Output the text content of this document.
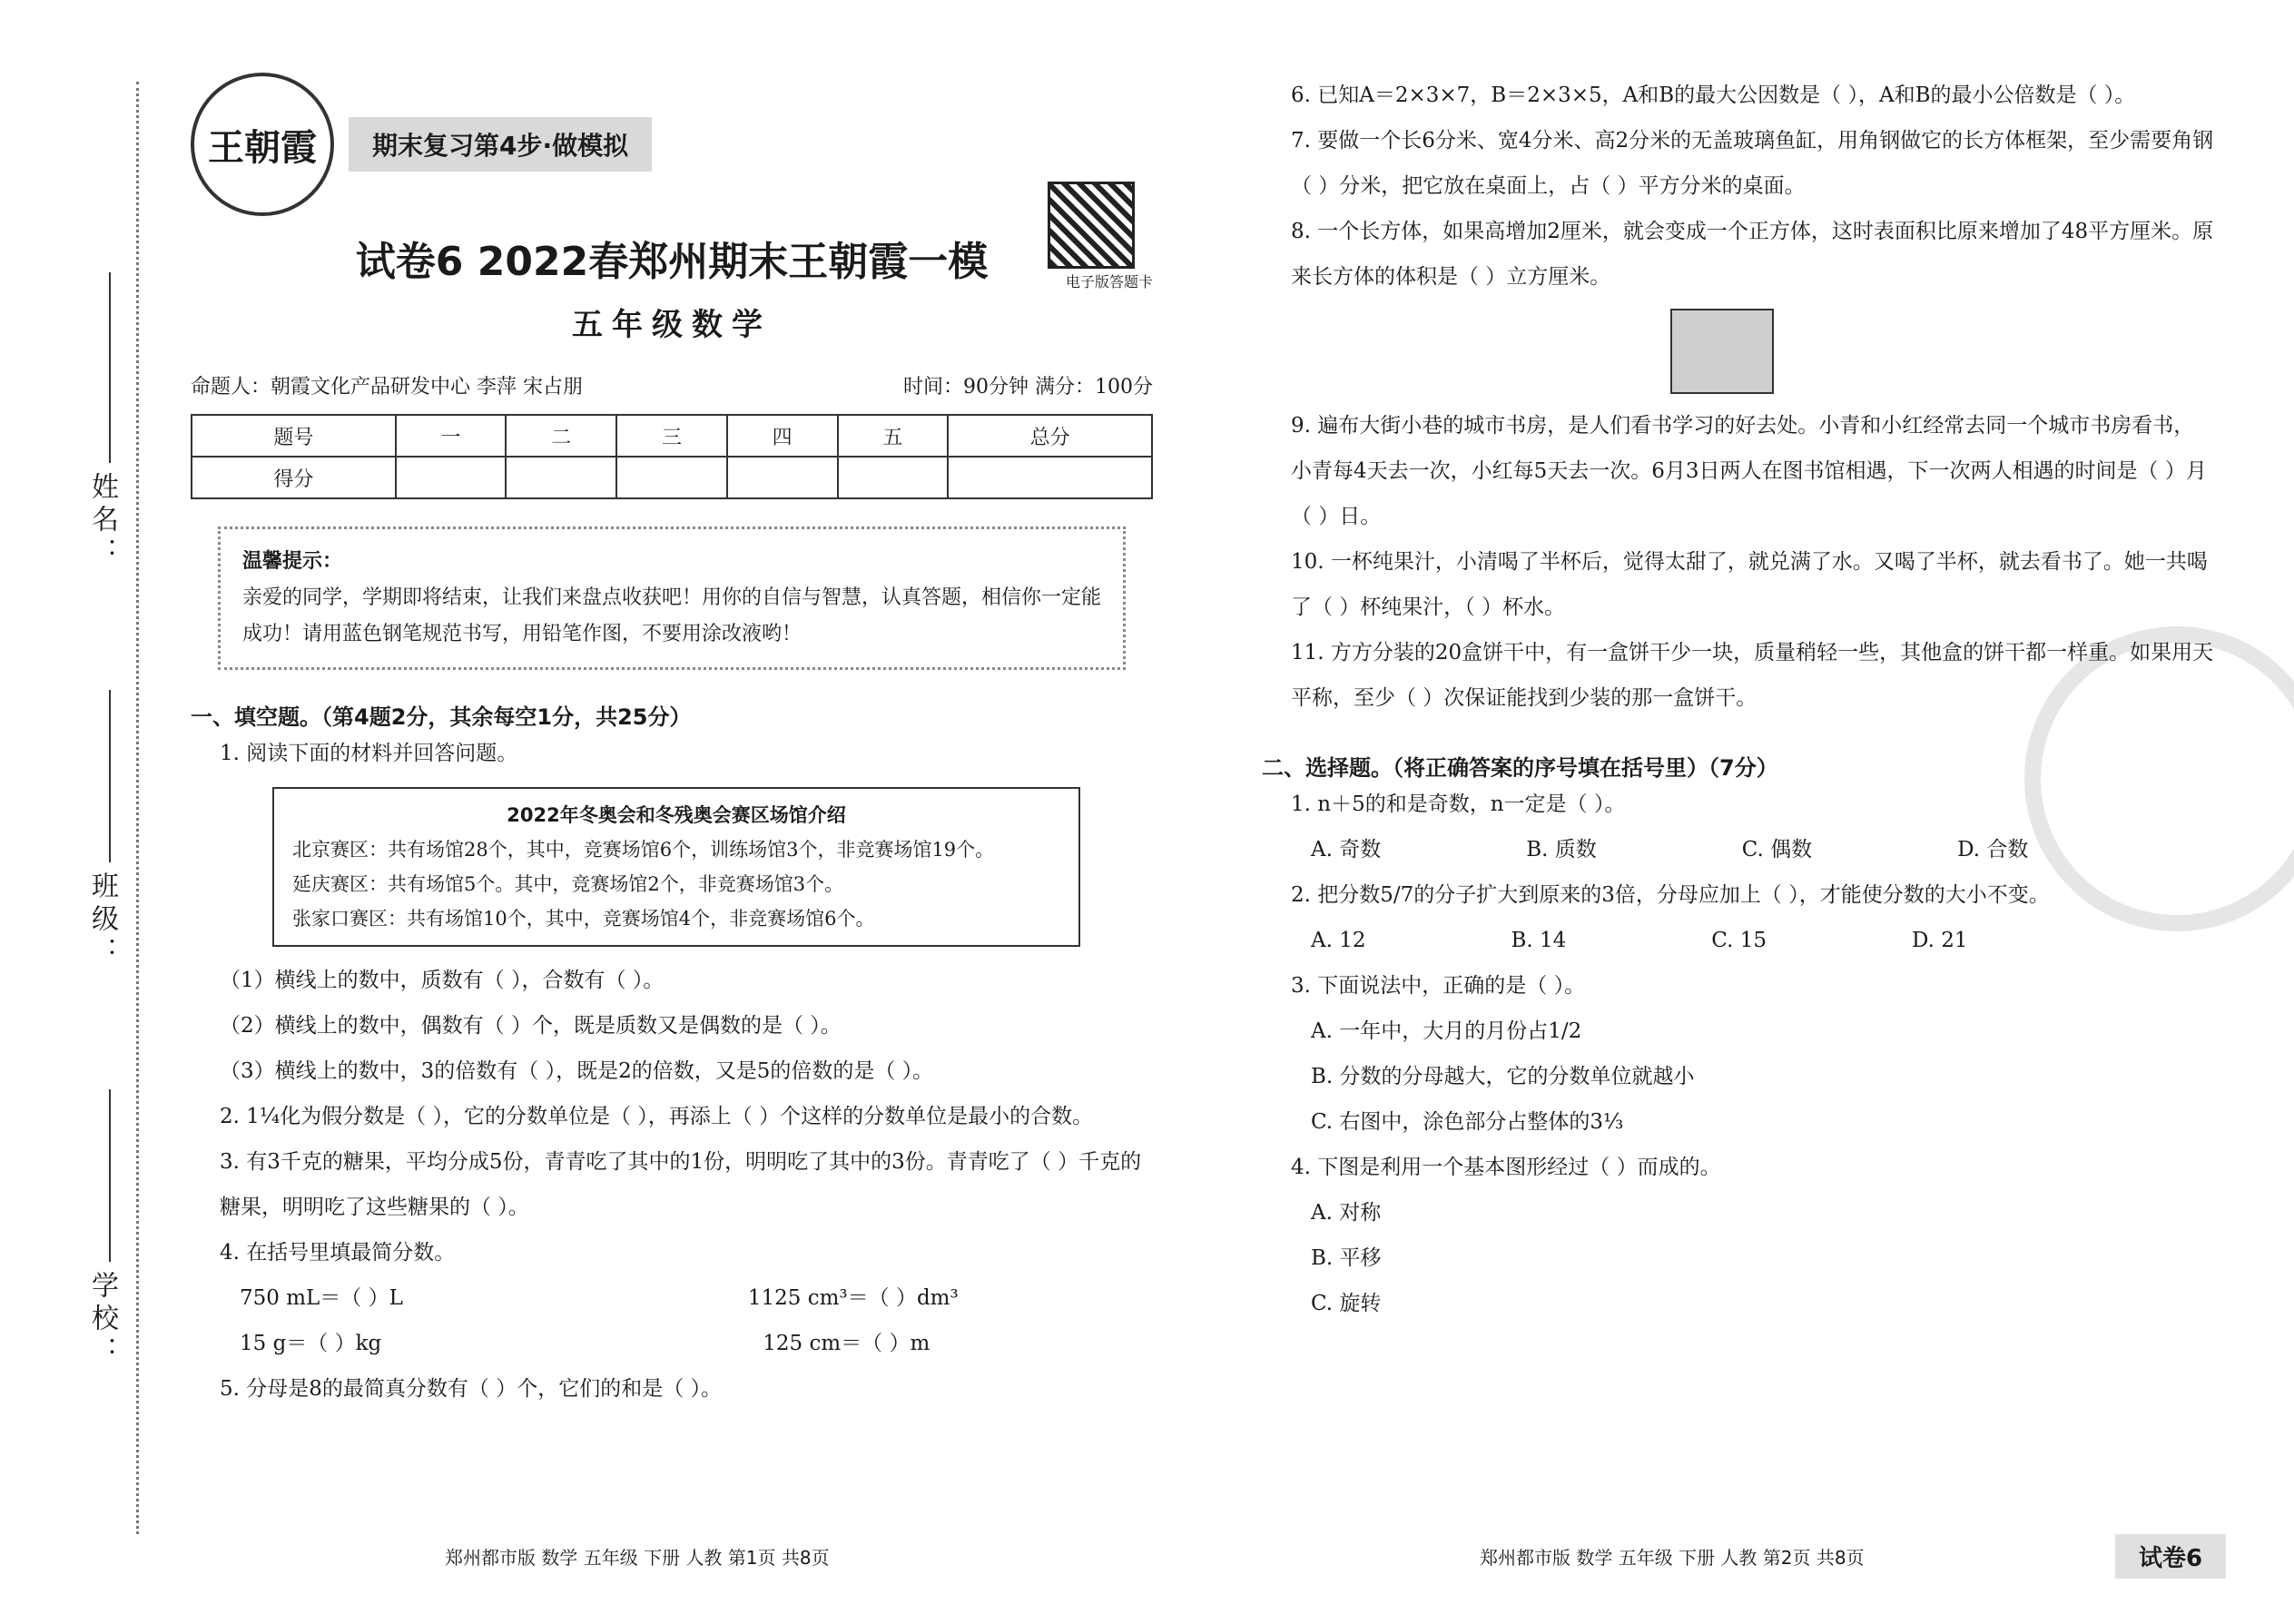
姓名：
班级：
学校：
王朝霞	期末复习第4步·做模拟
电子版答题卡
试卷6 2022春郑州期末王朝霞一模
五年级数学
命题人：朝霞文化产品研发中心 李萍 宋占朋	时间：90分钟 满分：100分
题号	一	二	三	四	五	总分
得分						
温馨提示：
亲爱的同学，学期即将结束，让我们来盘点收获吧！用你的自信与智慧，认真答题，相信你一定能成功！请用蓝色钢笔规范书写，用铅笔作图，不要用涂改液哟！
一、填空题。（第4题2分，其余每空1分，共25分）
1. 阅读下面的材料并回答问题。
2022年冬奥会和冬残奥会赛区场馆介绍
北京赛区：共有场馆28个，其中，竞赛场馆6个，训练场馆3个，非竞赛场馆19个。
延庆赛区：共有场馆5个。其中，竞赛场馆2个，非竞赛场馆3个。
张家口赛区：共有场馆10个，其中，竞赛场馆4个，非竞赛场馆6个。
（1）横线上的数中，质数有（ ），合数有（ ）。
（2）横线上的数中，偶数有（ ）个，既是质数又是偶数的是（ ）。
（3）横线上的数中，3的倍数有（ ），既是2的倍数，又是5的倍数的是（ ）。
2. 1¼化为假分数是（ ），它的分数单位是（ ），再添上（ ）个这样的分数单位是最小的合数。
3. 有3千克的糖果，平均分成5份，青青吃了其中的1份，明明吃了其中的3份。青青吃了（ ）千克的糖果，明明吃了这些糖果的（ ）。
4. 在括号里填最简分数。
750 mL＝（ ）L	1125 cm³＝（ ）dm³
15 g＝（ ）kg	125 cm＝（ ）m
5. 分母是8的最简真分数有（ ）个，它们的和是（ ）。
郑州都市版 数学 五年级 下册 人教 第1页 共8页
6. 已知A＝2×3×7，B＝2×3×5，A和B的最大公因数是（ ），A和B的最小公倍数是（ ）。
7. 要做一个长6分米、宽4分米、高2分米的无盖玻璃鱼缸，用角钢做它的长方体框架，至少需要角钢（ ）分米，把它放在桌面上，占（ ）平方分米的桌面。
8. 一个长方体，如果高增加2厘米，就会变成一个正方体，这时表面积比原来增加了48平方厘米。原来长方体的体积是（ ）立方厘米。
9. 遍布大街小巷的城市书房，是人们看书学习的好去处。小青和小红经常去同一个城市书房看书，小青每4天去一次，小红每5天去一次。6月3日两人在图书馆相遇，下一次两人相遇的时间是（ ）月（ ）日。
10. 一杯纯果汁，小清喝了半杯后，觉得太甜了，就兑满了水。又喝了半杯，就去看书了。她一共喝了（ ）杯纯果汁，（ ）杯水。
11. 方方分装的20盒饼干中，有一盒饼干少一块，质量稍轻一些，其他盒的饼干都一样重。如果用天平称，至少（ ）次保证能找到少装的那一盒饼干。
二、选择题。（将正确答案的序号填在括号里）（7分）
1. n＋5的和是奇数，n一定是（ ）。
A. 奇数	B. 质数	C. 偶数	D. 合数
2. 把分数5/7的分子扩大到原来的3倍，分母应加上（ ），才能使分数的大小不变。
A. 12	B. 14	C. 15	D. 21
3. 下面说法中，正确的是（ ）。
A. 一年中，大月的月份占1/2
B. 分数的分母越大，它的分数单位就越小
C. 右图中，涂色部分占整体的3⅓
4. 下图是利用一个基本图形经过（ ）而成的。
A. 对称
B. 平移
C. 旋转
郑州都市版 数学 五年级 下册 人教 第2页 共8页	试卷6
